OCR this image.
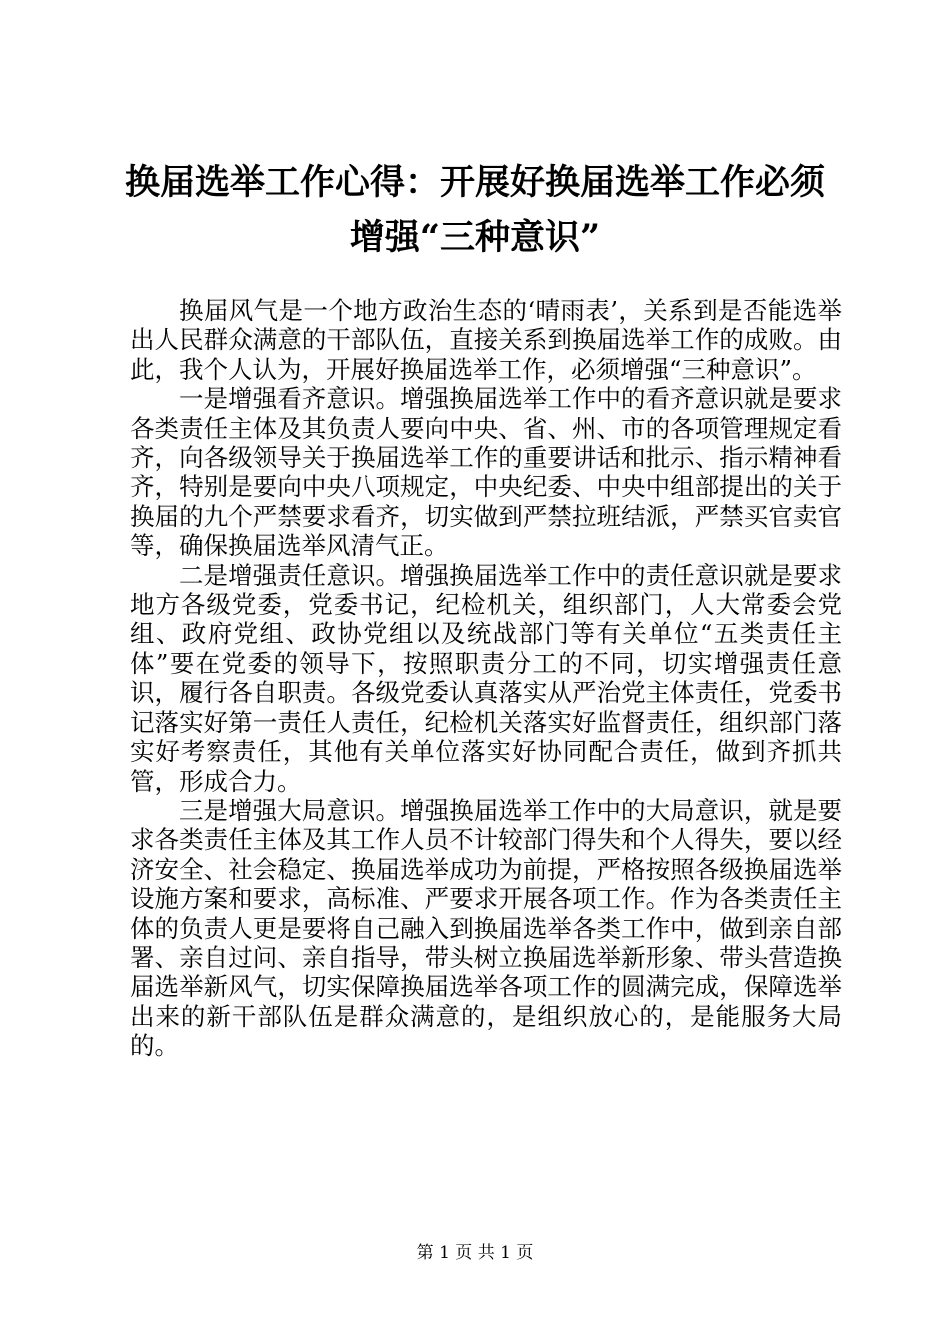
换届选举工作心得：开展好换届选举工作必须
增强“三种意识”

换届风气是一个地方政治生态的‘晴雨表’，关系到是否能选举出人民群众满意的干部队伍，直接关系到换届选举工作的成败。由此，我个人认为，开展好换届选举工作，必须增强“三种意识”。

一是增强看齐意识。增强换届选举工作中的看齐意识就是要求各类责任主体及其负责人要向中央、省、州、市的各项管理规定看齐，向各级领导关于换届选举工作的重要讲话和批示、指示精神看齐，特别是要向中央八项规定，中央纪委、中央中组部提出的关于换届的九个严禁要求看齐，切实做到严禁拉班结派，严禁买官卖官等，确保换届选举风清气正。

二是增强责任意识。增强换届选举工作中的责任意识就是要求地方各级党委，党委书记，纪检机关，组织部门，人大常委会党组、政府党组、政协党组以及统战部门等有关单位“五类责任主体”要在党委的领导下，按照职责分工的不同，切实增强责任意识，履行各自职责。各级党委认真落实从严治党主体责任，党委书记落实好第一责任人责任，纪检机关落实好监督责任，组织部门落实好考察责任，其他有关单位落实好协同配合责任，做到齐抓共管，形成合力。

三是增强大局意识。增强换届选举工作中的大局意识，就是要求各类责任主体及其工作人员不计较部门得失和个人得失，要以经济安全、社会稳定、换届选举成功为前提，严格按照各级换届选举设施方案和要求，高标准、严要求开展各项工作。作为各类责任主体的负责人更是要将自己融入到换届选举各类工作中，做到亲自部署、亲自过问、亲自指导，带头树立换届选举新形象、带头营造换届选举新风气，切实保障换届选举各项工作的圆满完成，保障选举出来的新干部队伍是群众满意的，是组织放心的，是能服务大局的。

第 1 页 共 1 页
